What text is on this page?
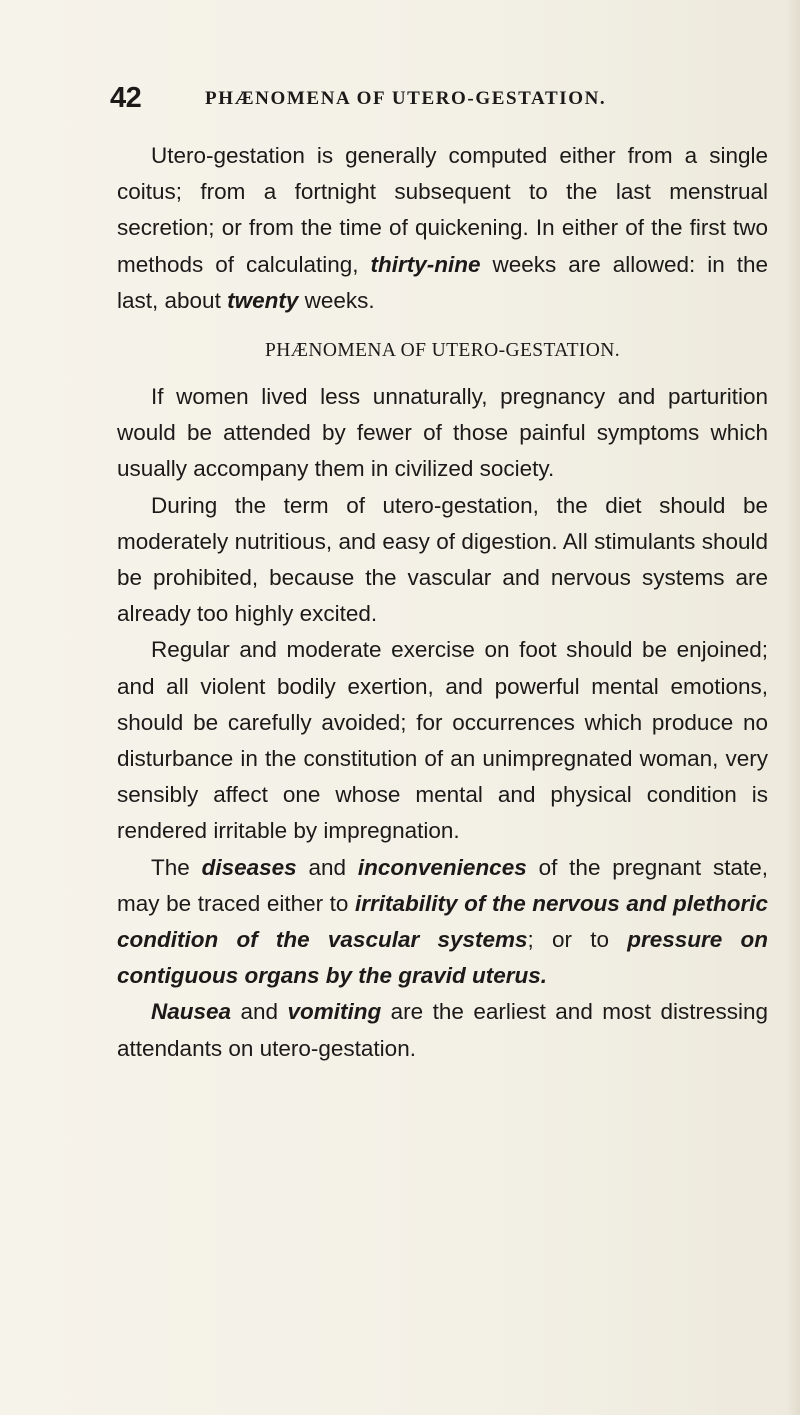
42	PHÆNOMENA OF UTERO-GESTATION.

Utero-gestation is generally computed either from a single coitus; from a fortnight subsequent to the last menstrual secretion; or from the time of quickening. In either of the first two methods of calculating, thirty-nine weeks are allowed: in the last, about twenty weeks.

PHÆNOMENA OF UTERO-GESTATION.

If women lived less unnaturally, pregnancy and parturition would be attended by fewer of those painful symptoms which usually accompany them in civilized society.

During the term of utero-gestation, the diet should be moderately nutritious, and easy of digestion. All stimulants should be prohibited, because the vascular and nervous systems are already too highly excited.

Regular and moderate exercise on foot should be enjoined; and all violent bodily exertion, and powerful mental emotions, should be carefully avoided; for occurrences which produce no disturbance in the constitution of an unimpregnated woman, very sensibly affect one whose mental and physical condition is rendered irritable by impregnation.

The diseases and inconveniences of the pregnant state, may be traced either to irritability of the nervous and plethoric condition of the vascular systems; or to pressure on contiguous organs by the gravid uterus.

Nausea and vomiting are the earliest and most distressing attendants on utero-gestation.
